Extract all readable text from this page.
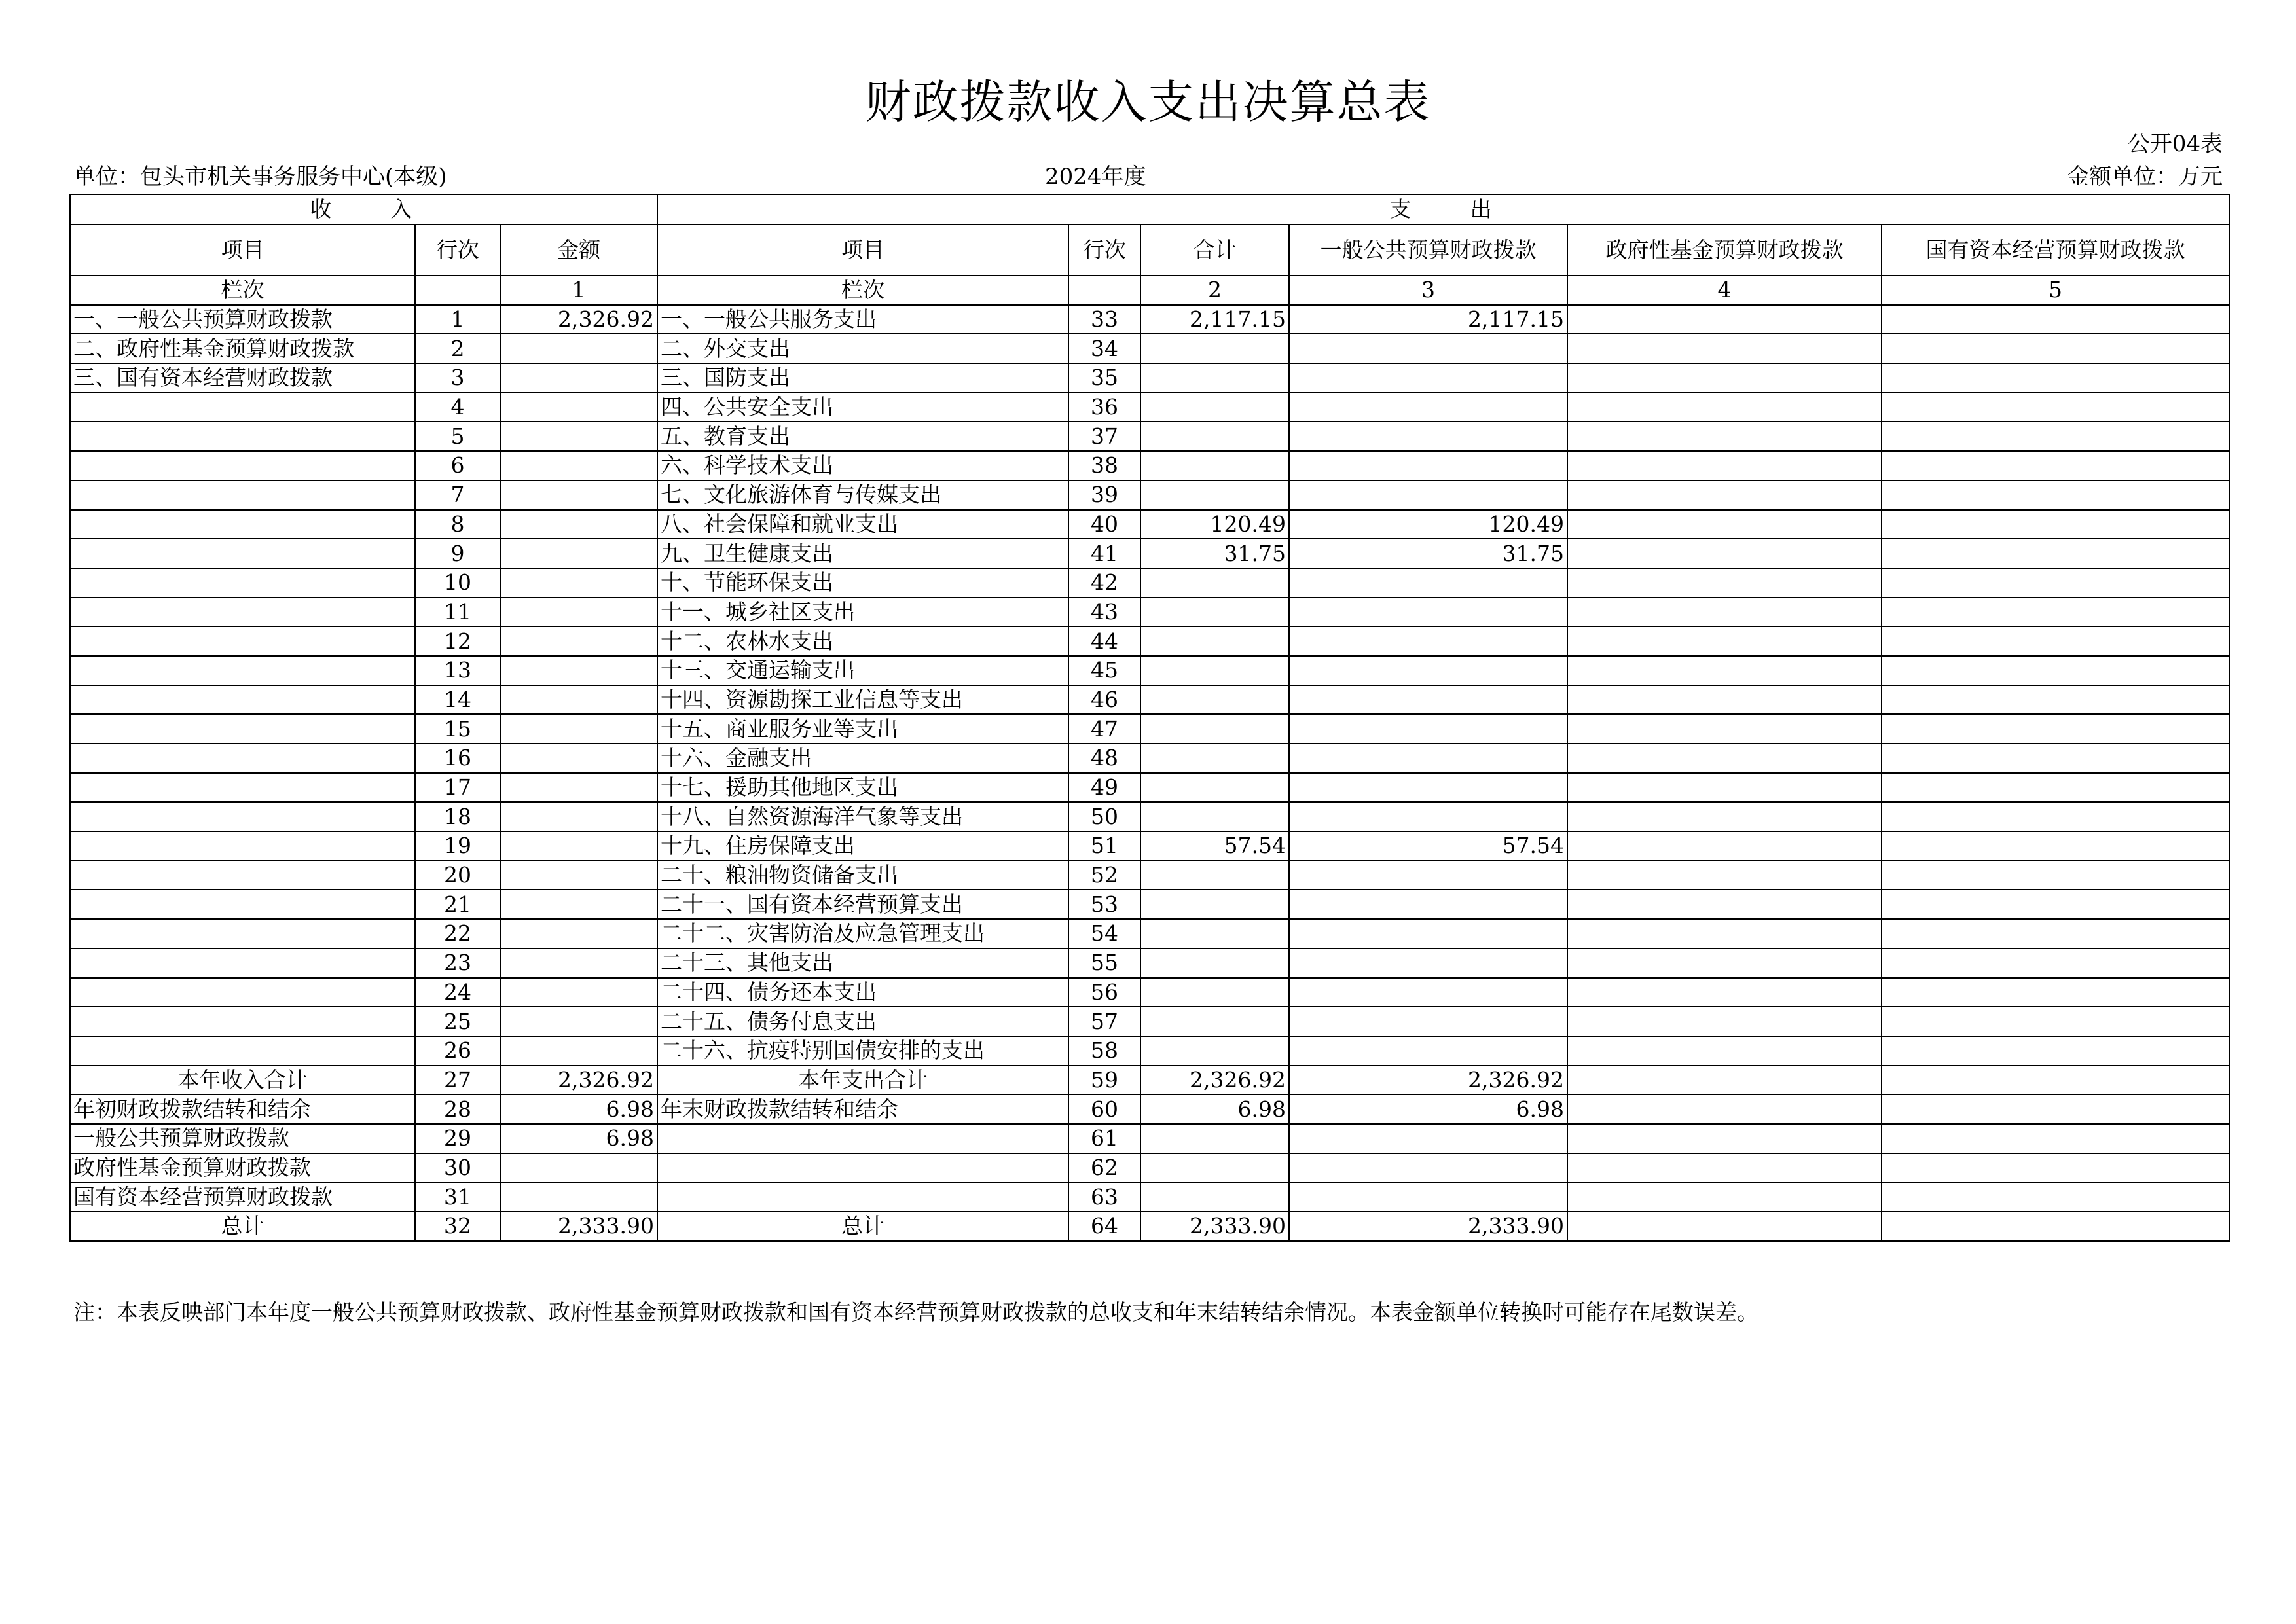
财政拨款收入支出决算总表
公开04表
单位：包头市机关事务服务中心(本级)	2024年度	金额单位：万元
收　　入			支　　出					
项目	行次	金额	项目	行次	合计	一般公共预算财政拨款	政府性基金预算财政拨款	国有资本经营预算财政拨款
栏次		1	栏次		2	3	4	5
一、一般公共预算财政拨款	1	2,326.92	一、一般公共服务支出	33	2,117.15	2,117.15		
二、政府性基金预算财政拨款	2		二、外交支出	34				
三、国有资本经营财政拨款	3		三、国防支出	35				
	4		四、公共安全支出	36				
	5		五、教育支出	37				
	6		六、科学技术支出	38				
	7		七、文化旅游体育与传媒支出	39				
	8		八、社会保障和就业支出	40	120.49	120.49		
	9		九、卫生健康支出	41	31.75	31.75		
	10		十、节能环保支出	42				
	11		十一、城乡社区支出	43				
	12		十二、农林水支出	44				
	13		十三、交通运输支出	45				
	14		十四、资源勘探工业信息等支出	46				
	15		十五、商业服务业等支出	47				
	16		十六、金融支出	48				
	17		十七、援助其他地区支出	49				
	18		十八、自然资源海洋气象等支出	50				
	19		十九、住房保障支出	51	57.54	57.54		
	20		二十、粮油物资储备支出	52				
	21		二十一、国有资本经营预算支出	53				
	22		二十二、灾害防治及应急管理支出	54				
	23		二十三、其他支出	55				
	24		二十四、债务还本支出	56				
	25		二十五、债务付息支出	57				
	26		二十六、抗疫特别国债安排的支出	58				
本年收入合计	27	2,326.92	本年支出合计	59	2,326.92	2,326.92		
年初财政拨款结转和结余	28	6.98	年末财政拨款结转和结余	60	6.98	6.98		
一般公共预算财政拨款	29	6.98		61				
政府性基金预算财政拨款	30			62				
国有资本经营预算财政拨款	31			63				
总计	32	2,333.90	总计	64	2,333.90	2,333.90		
注：本表反映部门本年度一般公共预算财政拨款、政府性基金预算财政拨款和国有资本经营预算财政拨款的总收支和年末结转结余情况。本表金额单位转换时可能存在尾数误差。
